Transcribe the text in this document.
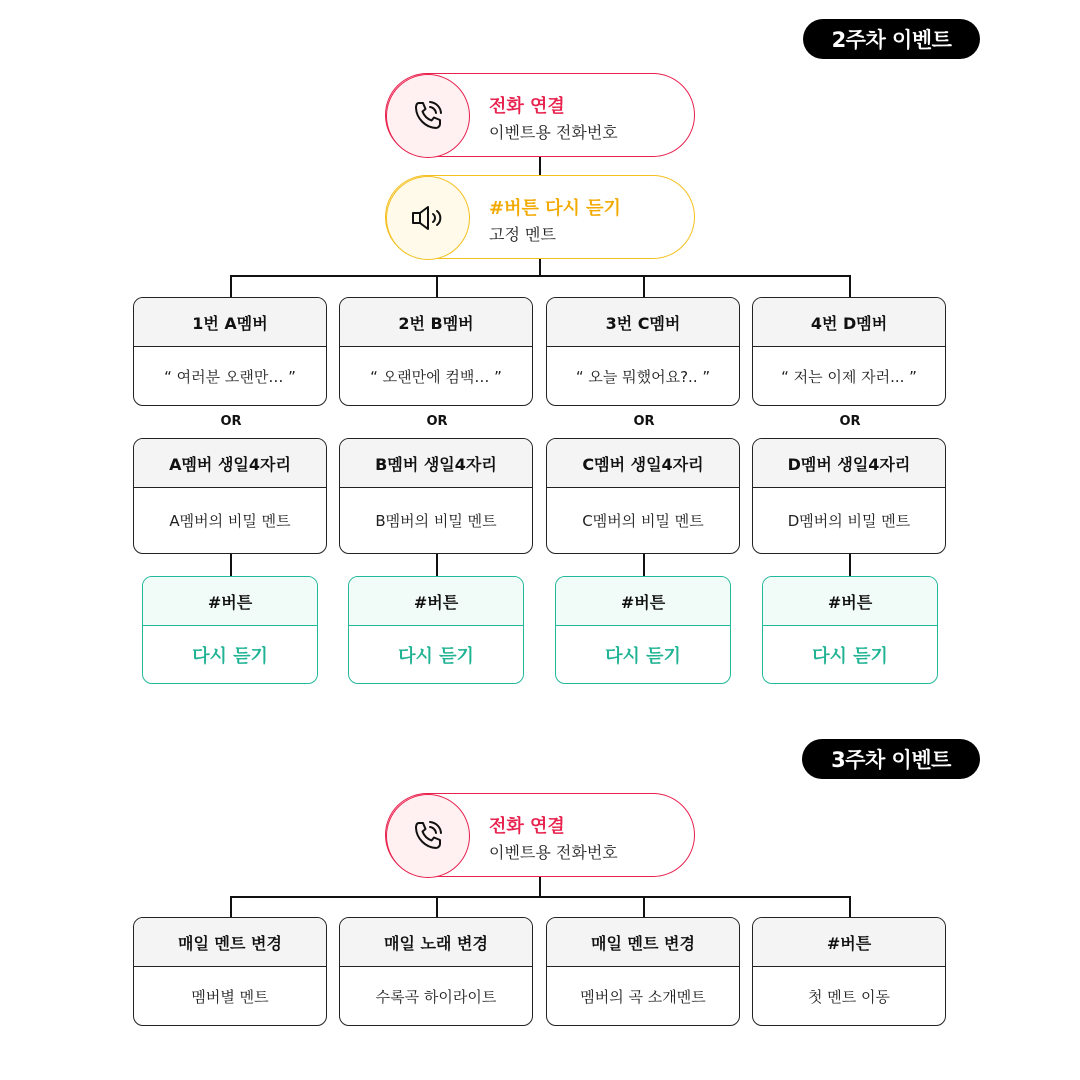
2주차 이벤트
전화 연결
이벤트용 전화번호
#버튼 다시 듣기
고정 멘트
1번 A멤버
“ 여러분 오랜만… ”
2번 B멤버
“ 오랜만에 컴백… ”
3번 C멤버
“ 오늘 뭐했어요?.. ”
4번 D멤버
“ 저는 이제 자러... ”
OR	OR	OR	OR
A멤버 생일4자리
A멤버의 비밀 멘트
B멤버 생일4자리
B멤버의 비밀 멘트
C멤버 생일4자리
C멤버의 비밀 멘트
D멤버 생일4자리
D멤버의 비밀 멘트
#버튼
다시 듣기
#버튼
다시 듣기
#버튼
다시 듣기
#버튼
다시 듣기
3주차 이벤트
전화 연결
이벤트용 전화번호
매일 멘트 변경
멤버별 멘트
매일 노래 변경
수록곡 하이라이트
매일 멘트 변경
멤버의 곡 소개멘트
#버튼
첫 멘트 이동
